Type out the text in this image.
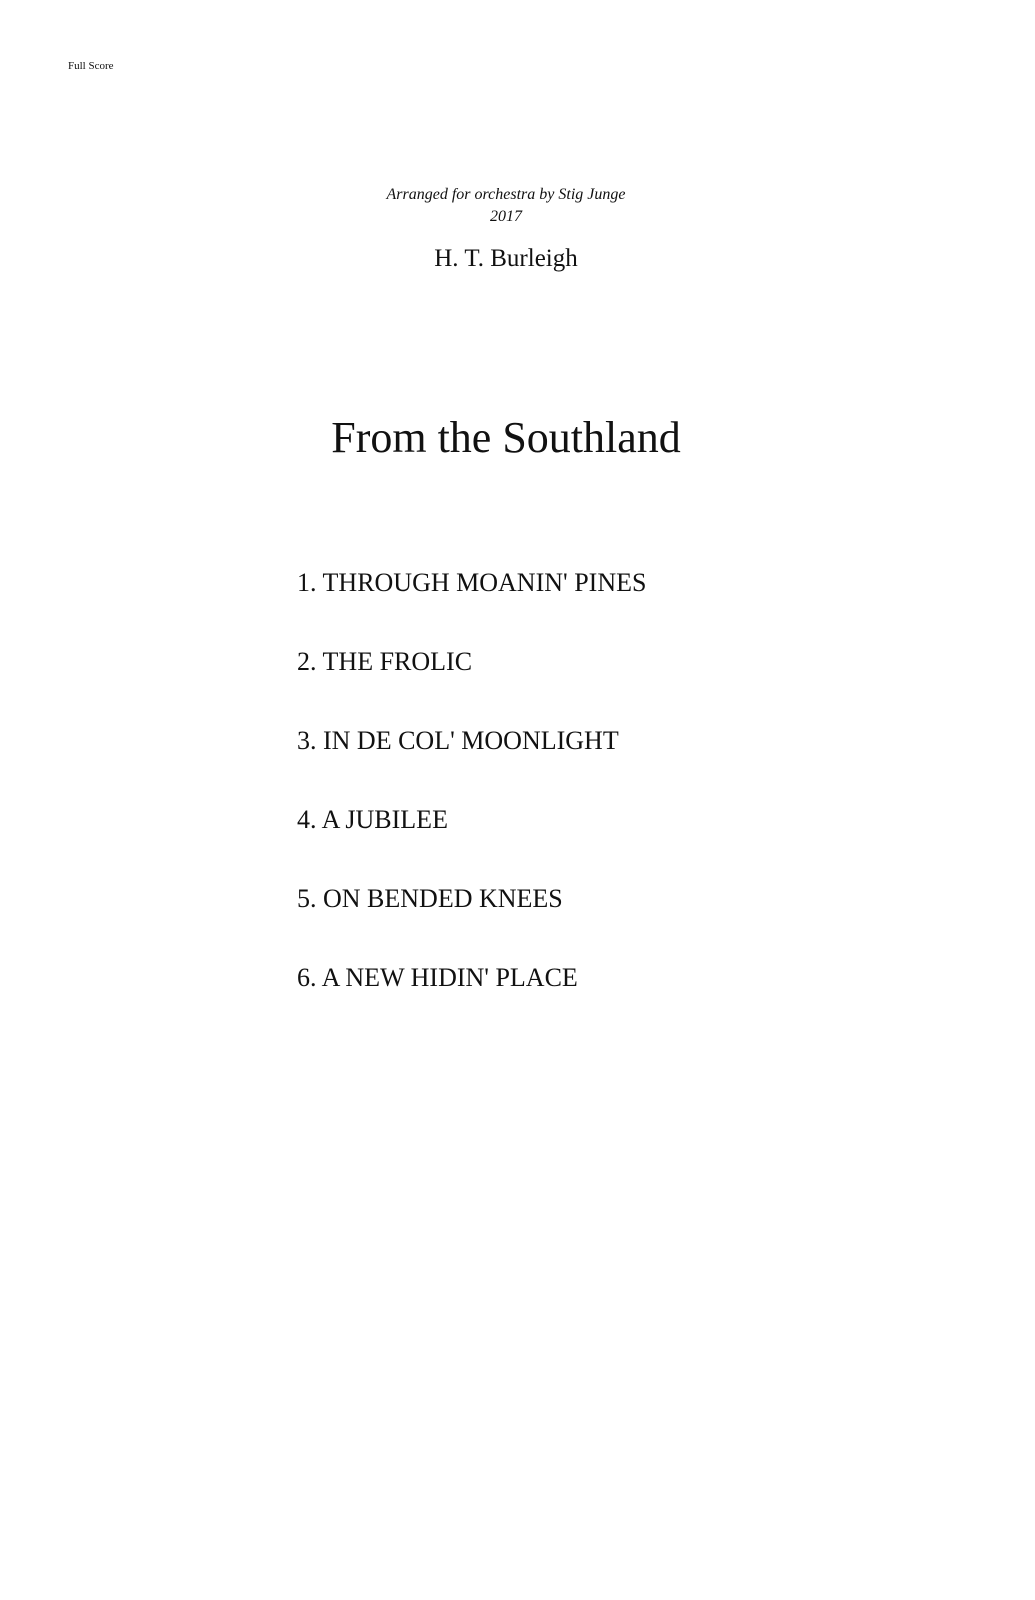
Full Score
Arranged for orchestra by Stig Junge
2017
H. T. Burleigh
From the Southland
1. THROUGH MOANIN' PINES
2. THE FROLIC
3. IN DE COL' MOONLIGHT
4. A JUBILEE
5. ON BENDED KNEES
6. A NEW HIDIN' PLACE
